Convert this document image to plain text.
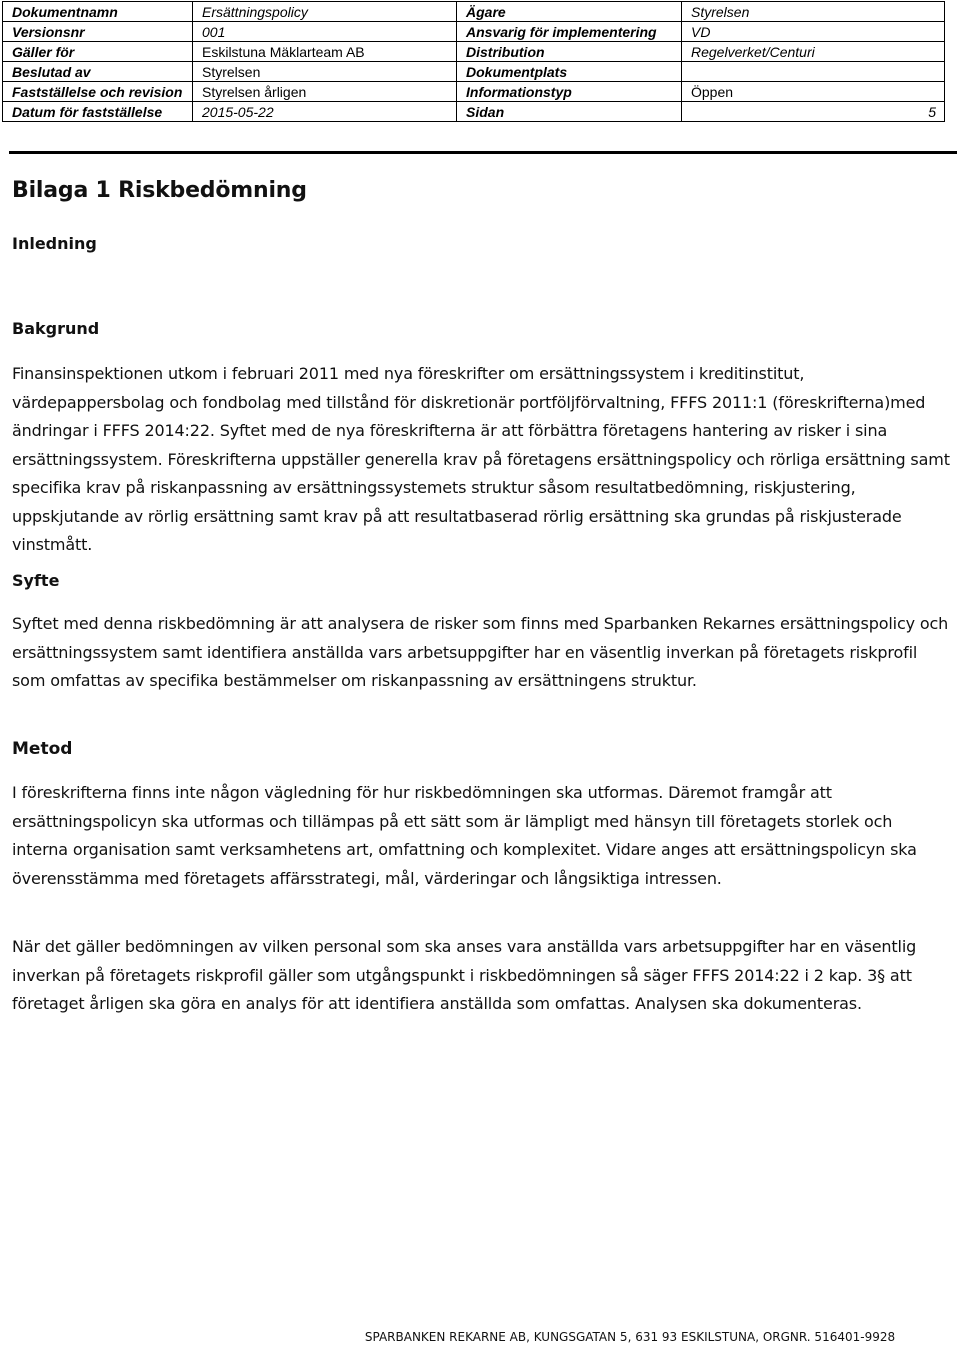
Dokumentnamn	Ersättningspolicy	Ägare	Styrelsen
Versionsnr	001	Ansvarig för implementering	VD
Gäller för	Eskilstuna Mäklarteam AB	Distribution	Regelverket/Centuri
Beslutad av	Styrelsen	Dokumentplats	
Fastställelse och revision	Styrelsen årligen	Informationstyp	Öppen
Datum för fastställelse	2015-05-22	Sidan	5
Bilaga 1 Riskbedömning
Inledning
Bakgrund

Finansinspektionen utkom i februari 2011 med nya föreskrifter om ersättningssystem i kreditinstitut, värdepappersbolag och fondbolag med tillstånd för diskretionär portföljförvaltning, FFFS 2011:1 (föreskrifterna)med ändringar i FFFS 2014:22. Syftet med de nya föreskrifterna är att förbättra företagens hantering av risker i sina ersättningssystem. Föreskrifterna uppställer generella krav på företagens ersättningspolicy och rörliga ersättning samt specifika krav på riskanpassning av ersättningssystemets struktur såsom resultatbedömning, riskjustering, uppskjutande av rörlig ersättning samt krav på att resultatbaserad rörlig ersättning ska grundas på riskjusterade vinstmått.

Syfte

Syftet med denna riskbedömning är att analysera de risker som finns med Sparbanken Rekarnes ersättningspolicy och ersättningssystem samt identifiera anställda vars arbetsuppgifter har en väsentlig inverkan på företagets riskprofil som omfattas av specifika bestämmelser om riskanpassning av ersättningens struktur.

Metod

I föreskrifterna finns inte någon vägledning för hur riskbedömningen ska utformas. Däremot framgår att ersättningspolicyn ska utformas och tillämpas på ett sätt som är lämpligt med hänsyn till företagets storlek och interna organisation samt verksamhetens art, omfattning och komplexitet. Vidare anges att ersättningspolicyn ska överensstämma med företagets affärsstrategi, mål, värderingar och långsiktiga intressen.

När det gäller bedömningen av vilken personal som ska anses vara anställda vars arbetsuppgifter har en väsentlig inverkan på företagets riskprofil gäller som utgångspunkt i riskbedömningen så säger FFFS 2014:22 i 2 kap. 3§ att företaget årligen ska göra en analys för att identifiera anställda som omfattas. Analysen ska dokumenteras.

SPARBANKEN REKARNE AB, KUNGSGATAN 5, 631 93 ESKILSTUNA, ORGNR. 516401-9928
